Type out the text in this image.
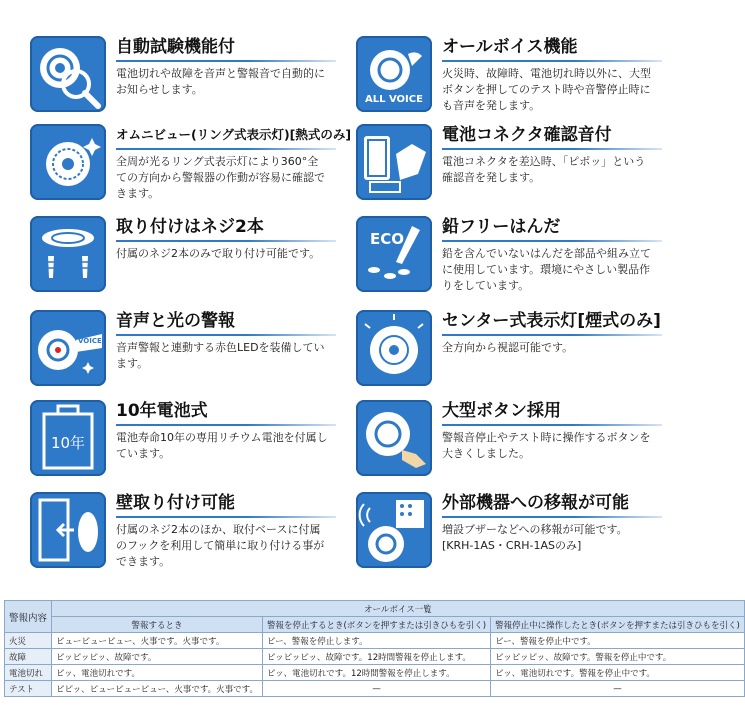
自動試験機能付
電池切れや故障を音声と警報音で自動的にお知らせします。
ALL VOICE
オールボイス機能
火災時、故障時、電池切れ時以外に、大型ボタンを押してのテスト時や音警停止時にも音声を発します。
オムニビュー(リング式表示灯)[熱式のみ]
全周が光るリング式表示灯により360°全ての方向から警報器の作動が容易に確認できます。
電池コネクタ確認音付
電池コネクタを差込時、「ピポッ」という確認音を発します。
取り付けはネジ2本
付属のネジ2本のみで取り付け可能です。
ECO
鉛フリーはんだ
鉛を含んでいないはんだを部品や組み立てに使用しています。環境にやさしい製品作りをしています。
VOICE
音声と光の警報
音声警報と連動する赤色LEDを装備しています。
センター式表示灯[煙式のみ]
全方向から視認可能です。
10年
10年電池式
電池寿命10年の専用リチウム電池を付属しています。
大型ボタン採用
警報音停止やテスト時に操作するボタンを大きくしました。
壁取り付け可能
付属のネジ2本のほか、取付ベースに付属のフックを利用して簡単に取り付ける事ができます。
外部機器への移報が可能
増設ブザーなどへの移報が可能です。[KRH-1AS・CRH-1ASのみ]
警報内容	オールボイス一覧		
	警報するとき	警報を停止するとき(ボタンを押すまたは引きひもを引く)	警報停止中に操作したとき(ボタンを押すまたは引きひもを引く)
火災	ピューピューピュー、火事です。火事です。	ピー、警報を停止します。	ピー、警報を停止中です。
故障	ピッピッピッ、故障です。	ピッピッピッ、故障です。12時間警報を停止します。	ピッピッピッ、故障です。警報を停止中です。
電池切れ	ピッ、電池切れです。	ピッ、電池切れです。12時間警報を停止します。	ピッ、電池切れです。警報を停止中です。
テスト	ピピッ、ピューピューピュー、火事です。火事です。	—	—
